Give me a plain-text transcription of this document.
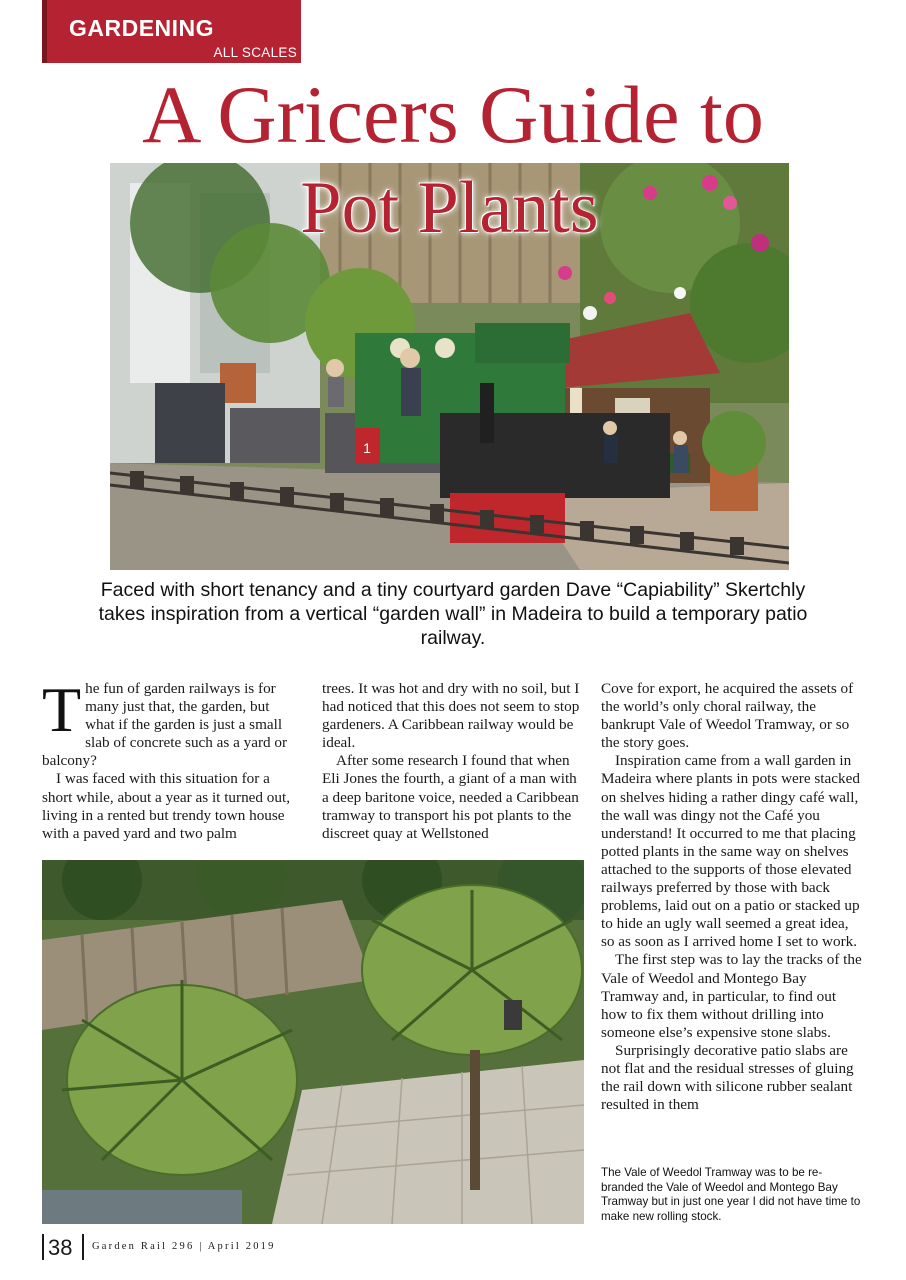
GARDENING
ALL SCALES
A Gricers Guide to
1
Pot Plants
Faced with short tenancy and a tiny courtyard garden Dave “Capiability” Skertchly takes inspiration from a vertical “garden wall” in Madeira to build a temporary patio railway.
T he fun of garden railways is for many just that, the garden, but what if the garden is just a small slab of concrete such as a yard or balcony?

I was faced with this situation for a short while, about a year as it turned out, living in a rented but trendy town house with a paved yard and two palm

trees. It was hot and dry with no soil, but I had noticed that this does not seem to stop gardeners. A Caribbean railway would be ideal.

After some research I found that when Eli Jones the fourth, a giant of a man with a deep baritone voice, needed a Caribbean tramway to transport his pot plants to the discreet quay at Wellstoned

Cove for export, he acquired the assets of the world’s only choral railway, the bankrupt Vale of Weedol Tramway, or so the story goes.

Inspiration came from a wall garden in Madeira where plants in pots were stacked on shelves hiding a rather dingy café wall, the wall was dingy not the Café you understand! It occurred to me that placing potted plants in the same way on shelves attached to the supports of those elevated railways preferred by those with back problems, laid out on a patio or stacked up to hide an ugly wall seemed a great idea, so as soon as I arrived home I set to work.

The first step was to lay the tracks of the Vale of Weedol and Montego Bay Tramway and, in particular, to find out how to fix them without drilling into someone else’s expensive stone slabs.

Surprisingly decorative patio slabs are not flat and the residual stresses of gluing the rail down with silicone rubber sealant resulted in them

The Vale of Weedol Tramway was to be re-branded the Vale of Weedol and Montego Bay Tramway but in just one year I did not have time to make new rolling stock.
38 Garden Rail 296 | April 2019
